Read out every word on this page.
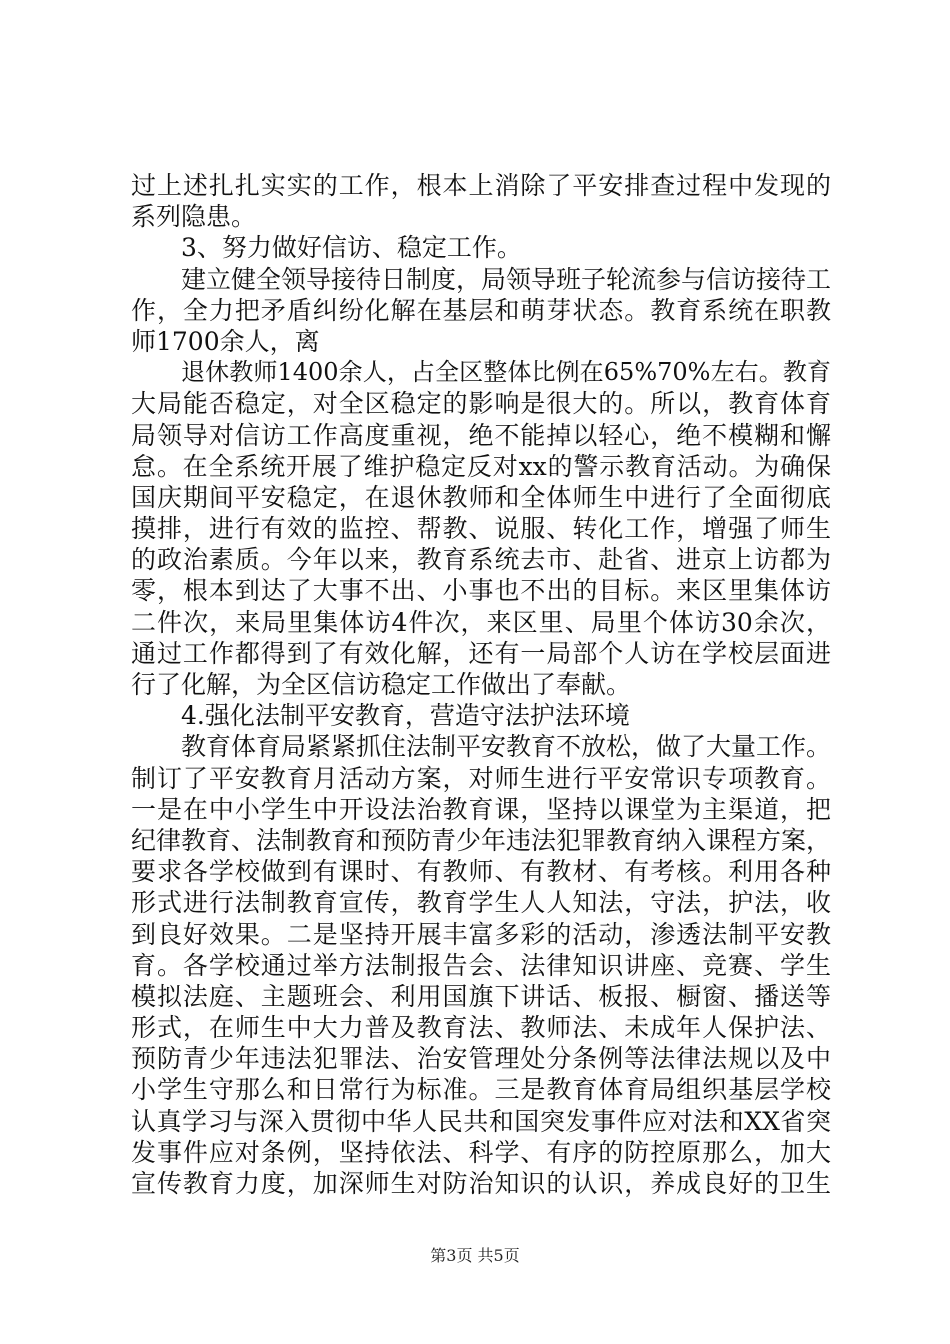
过上述扎扎实实的工作，根本上消除了平安排查过程中发现的
系列隐患。
3、努力做好信访、稳定工作。
建立健全领导接待日制度，局领导班子轮流参与信访接待工
作，全力把矛盾纠纷化解在基层和萌芽状态。教育系统在职教
师1700余人，离
退休教师1400余人，占全区整体比例在65%70%左右。教育
大局能否稳定，对全区稳定的影响是很大的。所以，教育体育
局领导对信访工作高度重视，绝不能掉以轻心，绝不模糊和懈
怠。在全系统开展了维护稳定反对xx的警示教育活动。为确保
国庆期间平安稳定，在退休教师和全体师生中进行了全面彻底
摸排，进行有效的监控、帮教、说服、转化工作，增强了师生
的政治素质。今年以来，教育系统去市、赴省、进京上访都为
零，根本到达了大事不出、小事也不出的目标。来区里集体访
二件次，来局里集体访4件次，来区里、局里个体访30余次，
通过工作都得到了有效化解，还有一局部个人访在学校层面进
行了化解，为全区信访稳定工作做出了奉献。
4.强化法制平安教育，营造守法护法环境
教育体育局紧紧抓住法制平安教育不放松，做了大量工作。
制订了平安教育月活动方案，对师生进行平安常识专项教育。
一是在中小学生中开设法治教育课，坚持以课堂为主渠道，把
纪律教育、法制教育和预防青少年违法犯罪教育纳入课程方案，
要求各学校做到有课时、有教师、有教材、有考核。利用各种
形式进行法制教育宣传，教育学生人人知法，守法，护法，收
到良好效果。二是坚持开展丰富多彩的活动，渗透法制平安教
育。各学校通过举方法制报告会、法律知识讲座、竞赛、学生
模拟法庭、主题班会、利用国旗下讲话、板报、橱窗、播送等
形式，在师生中大力普及教育法、教师法、未成年人保护法、
预防青少年违法犯罪法、治安管理处分条例等法律法规以及中
小学生守那么和日常行为标准。三是教育体育局组织基层学校
认真学习与深入贯彻中华人民共和国突发事件应对法和XX省突
发事件应对条例，坚持依法、科学、有序的防控原那么，加大
宣传教育力度，加深师生对防治知识的认识，养成良好的卫生
第3页 共5页
